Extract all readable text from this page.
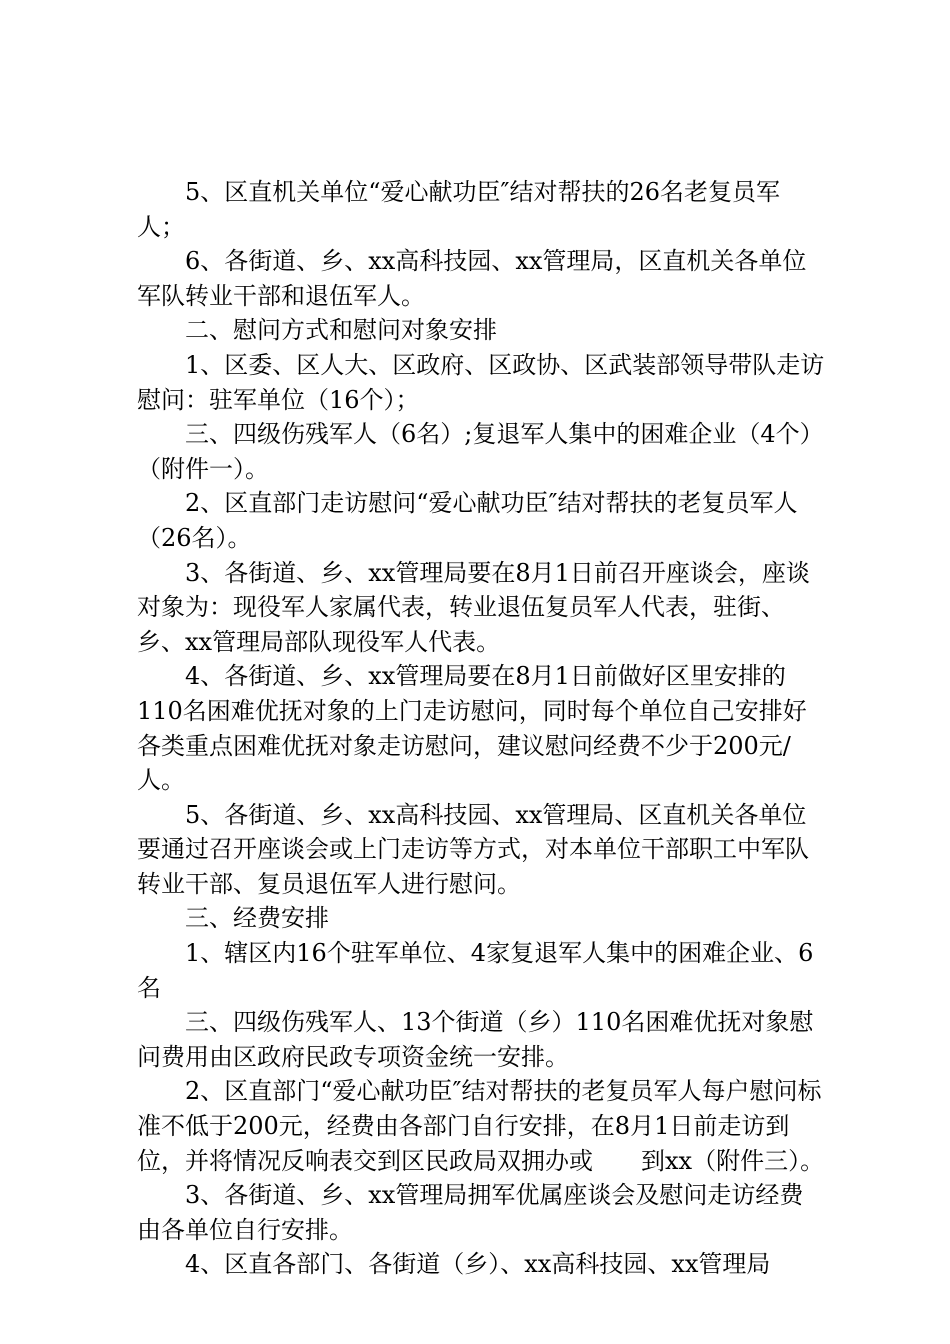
5、区直机关单位“爱心献功臣″结对帮扶的26名老复员军人；

6、各街道、乡、xx高科技园、xx管理局，区直机关各单位军队转业干部和退伍军人。

二、慰问方式和慰问对象安排

1、区委、区人大、区政府、区政协、区武装部领导带队走访慰问：驻军单位（16个）；

三、四级伤残军人（6名）;复退军人集中的困难企业（4个）（附件一）。

2、区直部门走访慰问“爱心献功臣″结对帮扶的老复员军人（26名）。

3、各街道、乡、xx管理局要在8月1日前召开座谈会，座谈对象为：现役军人家属代表，转业退伍复员军人代表，驻街、乡、xx管理局部队现役军人代表。

4、各街道、乡、xx管理局要在8月1日前做好区里安排的110名困难优抚对象的上门走访慰问，同时每个单位自己安排好各类重点困难优抚对象走访慰问，建议慰问经费不少于200元/人。

5、各街道、乡、xx高科技园、xx管理局、区直机关各单位要通过召开座谈会或上门走访等方式，对本单位干部职工中军队转业干部、复员退伍军人进行慰问。

三、经费安排

1、辖区内16个驻军单位、4家复退军人集中的困难企业、6名

三、四级伤残军人、13个街道（乡）110名困难优抚对象慰问费用由区政府民政专项资金统一安排。

2、区直部门“爱心献功臣″结对帮扶的老复员军人每户慰问标准不低于200元，经费由各部门自行安排，在8月1日前走访到位，并将情况反响表交到区民政局双拥办或　　到xx（附件三）。

3、各街道、乡、xx管理局拥军优属座谈会及慰问走访经费由各单位自行安排。

4、区直各部门、各街道（乡）、xx高科技园、xx管理局
